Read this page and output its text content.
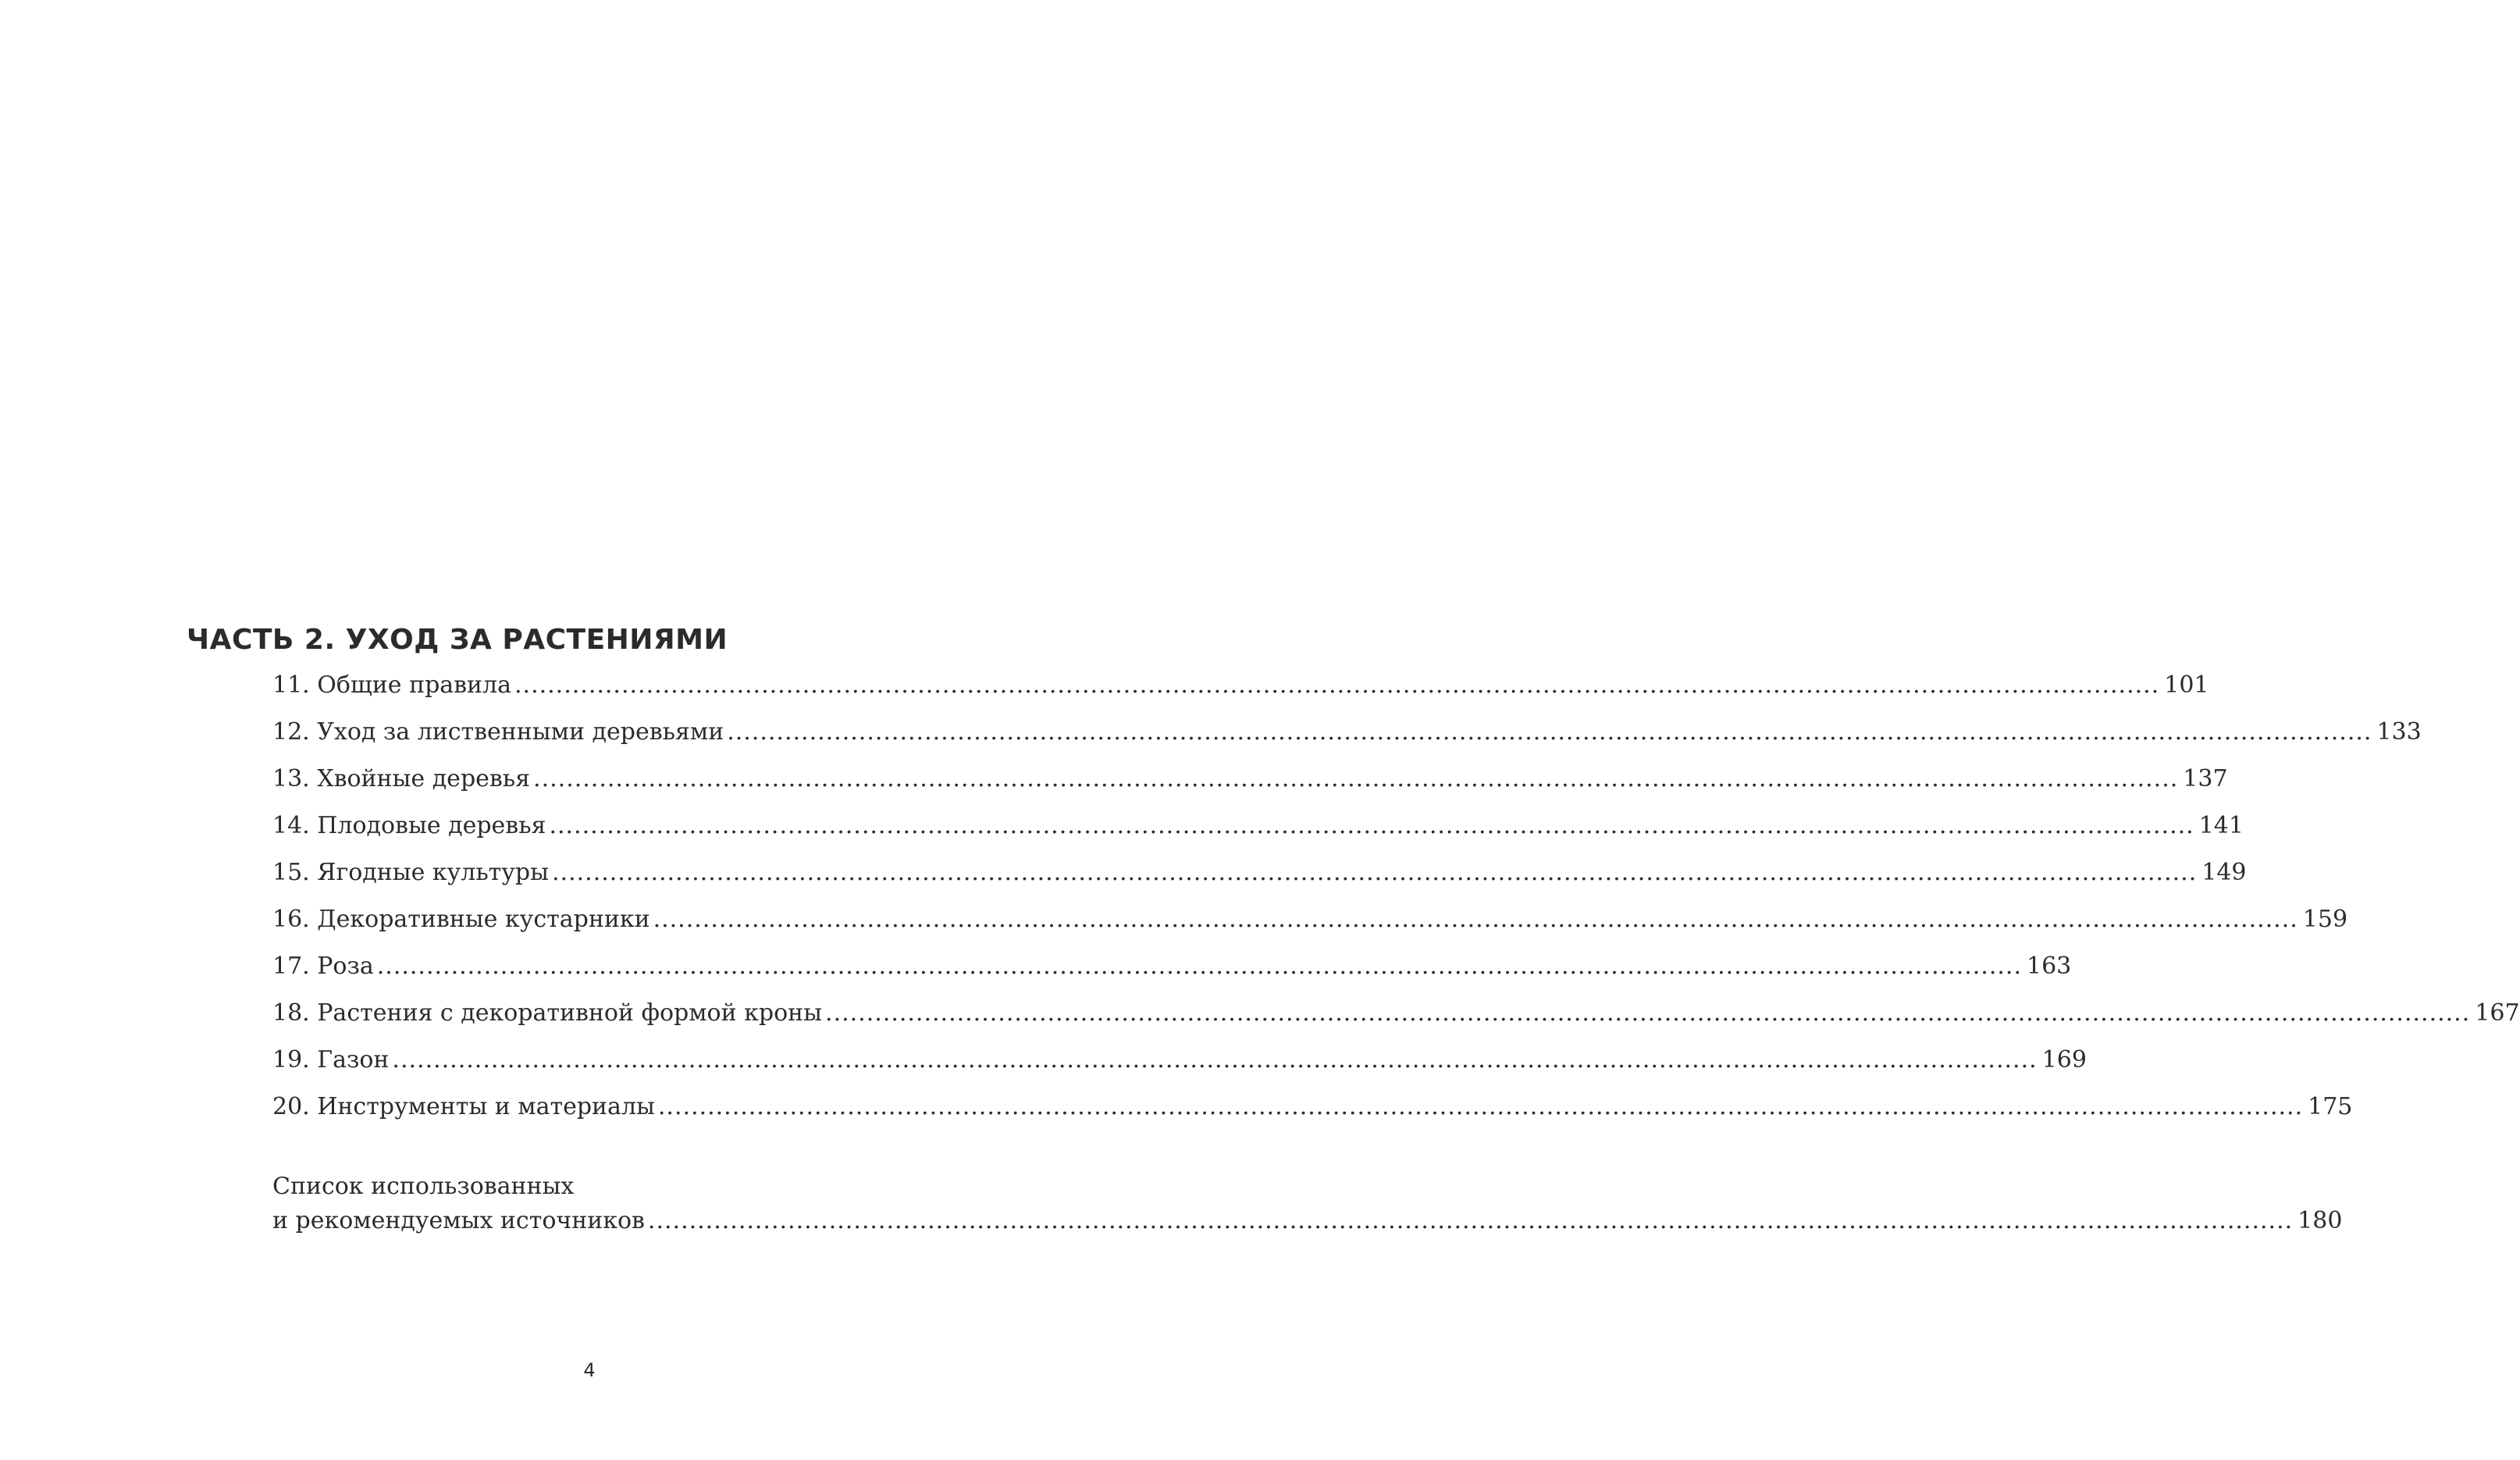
ЧАСТЬ 2. УХОД ЗА РАСТЕНИЯМИ
11. Общие правила ........................................................................................................................................................................................................ 101
12. Уход за лиственными деревьями ........................................................................................................................................................................................................ 133
13. Хвойные деревья ........................................................................................................................................................................................................ 137
14. Плодовые деревья ........................................................................................................................................................................................................ 141
15. Ягодные культуры ........................................................................................................................................................................................................ 149
16. Декоративные кустарники ........................................................................................................................................................................................................ 159
17. Роза ........................................................................................................................................................................................................ 163
18. Растения с декоративной формой кроны ........................................................................................................................................................................................................ 167
19. Газон ........................................................................................................................................................................................................ 169
20. Инструменты и материалы ........................................................................................................................................................................................................ 175
Список использованных
и рекомендуемых источников ........................................................................................................................................................................................................ 180
4
